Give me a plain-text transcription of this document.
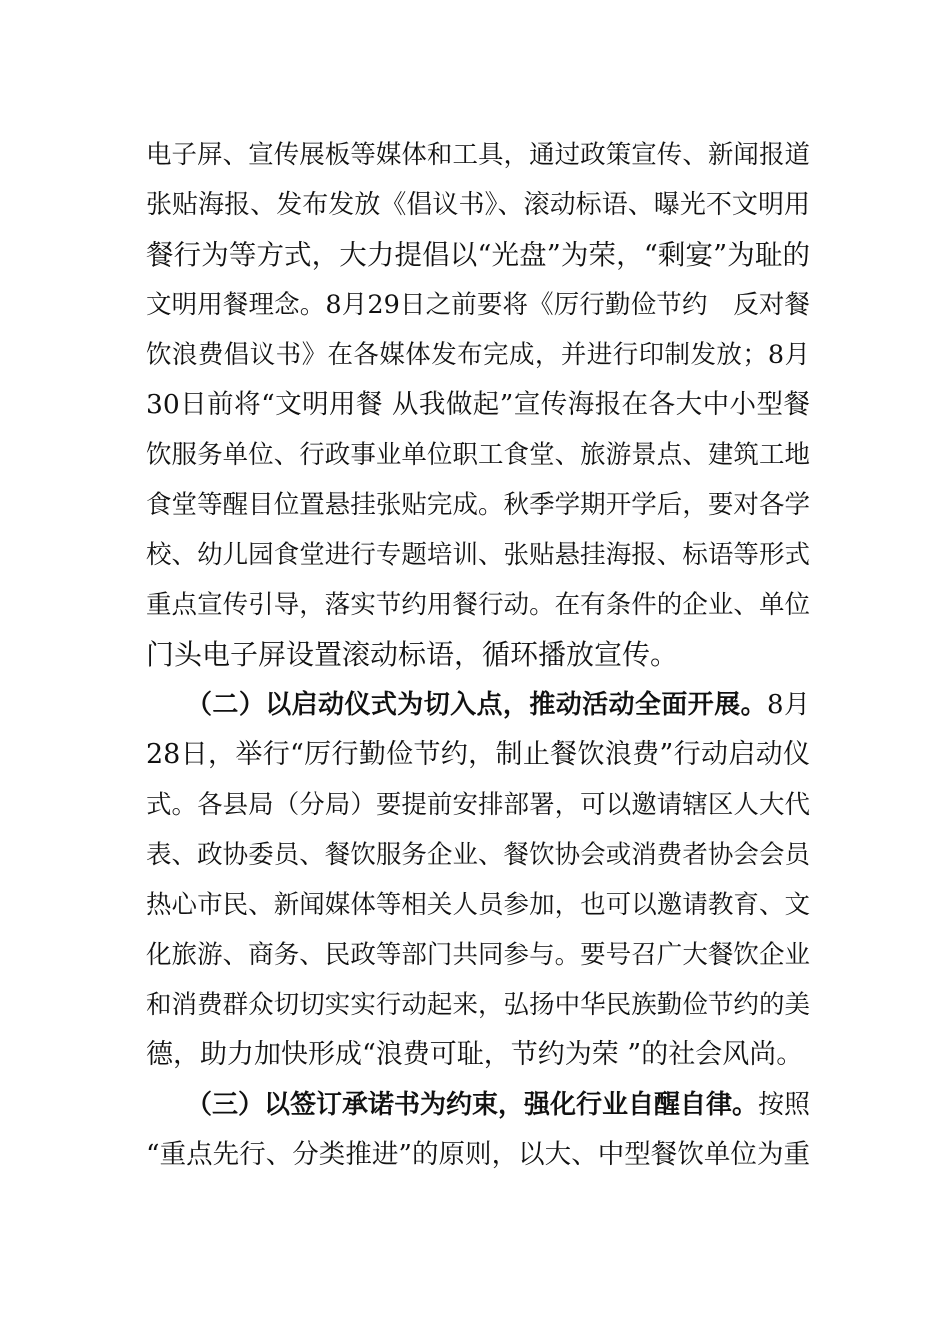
电子屏、宣传展板等媒体和工具，通过政策宣传、新闻报道
张贴海报、发布发放《倡议书》、滚动标语、曝光不文明用
餐行为等方式，大力提倡以“光盘”为荣，“剩宴”为耻的
文明用餐理念。8月29日之前要将《厉行勤俭节约　反对餐
饮浪费倡议书》在各媒体发布完成，并进行印制发放；8月
30日前将“文明用餐 从我做起”宣传海报在各大中小型餐
饮服务单位、行政事业单位职工食堂、旅游景点、建筑工地
食堂等醒目位置悬挂张贴完成。秋季学期开学后，要对各学
校、幼儿园食堂进行专题培训、张贴悬挂海报、标语等形式
重点宣传引导，落实节约用餐行动。在有条件的企业、单位
门头电子屏设置滚动标语，循环播放宣传。
（二）以启动仪式为切入点，推动活动全面开展。8月
28日，举行“厉行勤俭节约，制止餐饮浪费”行动启动仪
式。各县局（分局）要提前安排部署，可以邀请辖区人大代
表、政协委员、餐饮服务企业、餐饮协会或消费者协会会员
热心市民、新闻媒体等相关人员参加，也可以邀请教育、文
化旅游、商务、民政等部门共同参与。要号召广大餐饮企业
和消费群众切切实实行动起来，弘扬中华民族勤俭节约的美
德，助力加快形成“浪费可耻，节约为荣 ”的社会风尚。
（三）以签订承诺书为约束，强化行业自醒自律。按照
“重点先行、分类推进”的原则，以大、中型餐饮单位为重
